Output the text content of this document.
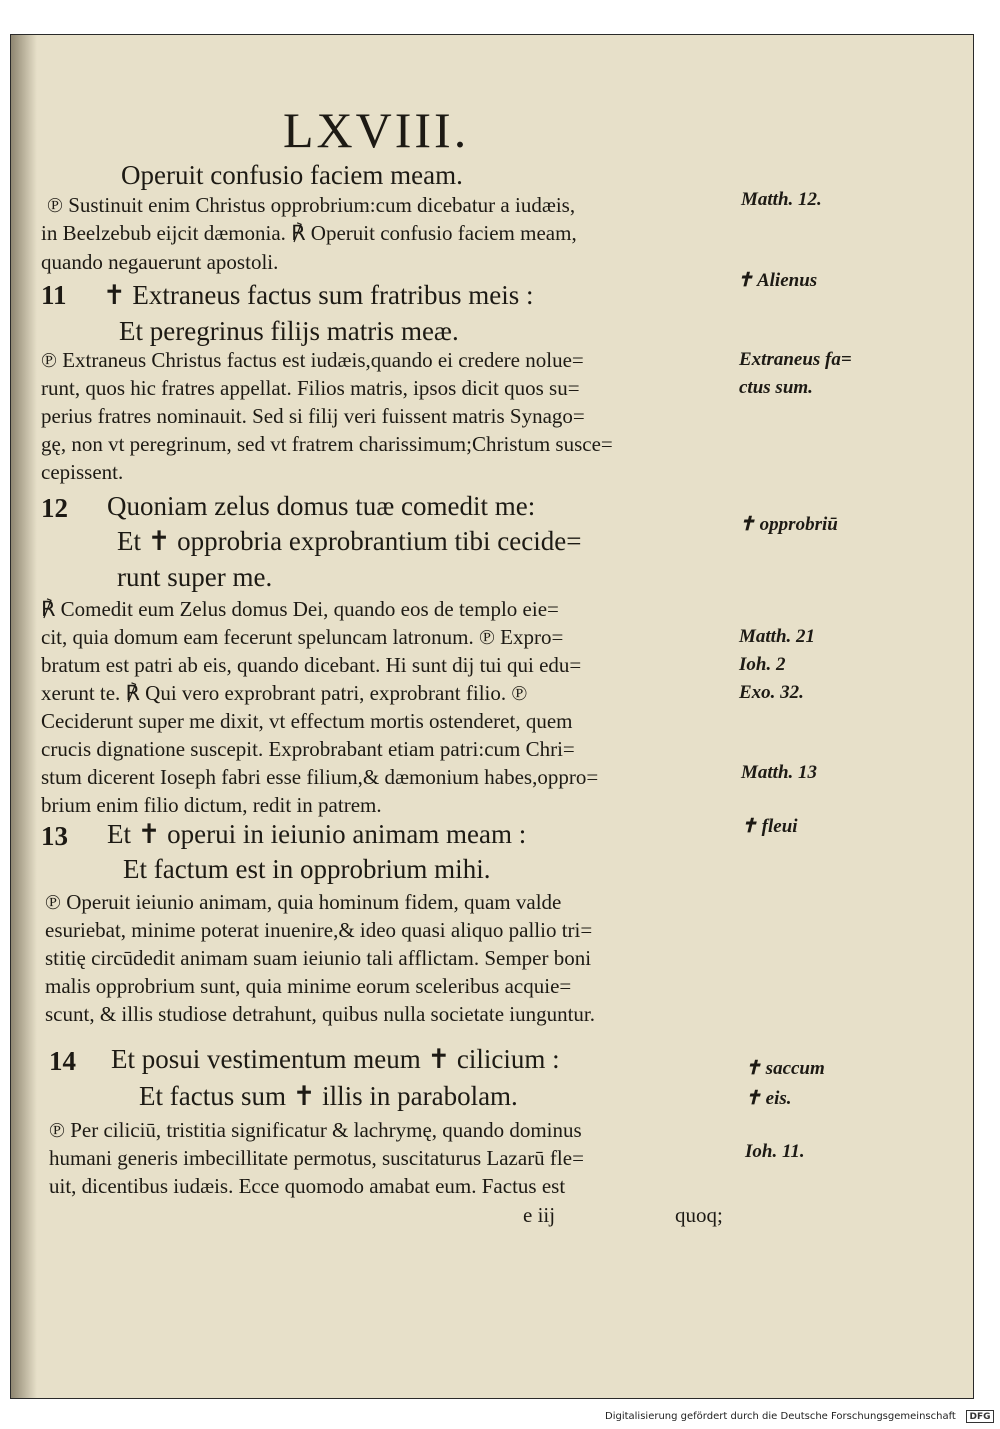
LXVIII.
Operuit confusio faciem meam.
℗ Sustinuit enim Christus opprobrium:cum dicebatur a iudæis,
in Beelzebub eijcit dæmonia. ℟ Operuit confusio faciem meam,
quando negauerunt apostoli.
11 ✝ Extraneus factus sum fratribus meis :
Et peregrinus filijs matris meæ.
℗ Extraneus Christus factus est iudæis,quando ei credere nolue=
runt, quos hic fratres appellat. Filios matris, ipsos dicit quos su=
perius fratres nominauit. Sed si filij veri fuissent matris Synago=
gę, non vt peregrinum, sed vt fratrem charissimum;Christum susce=
cepissent.
12 Quoniam zelus domus tuæ comedit me:
Et ✝ opprobria exprobrantium tibi cecide=
runt super me.
℟ Comedit eum Zelus domus Dei, quando eos de templo eie=
cit, quia domum eam fecerunt speluncam latronum. ℗ Expro=
bratum est patri ab eis, quando dicebant. Hi sunt dij tui qui edu=
xerunt te. ℟ Qui vero exprobrant patri, exprobrant filio. ℗
Ceciderunt super me dixit, vt effectum mortis ostenderet, quem
crucis dignatione suscepit. Exprobrabant etiam patri:cum Chri=
stum dicerent Ioseph fabri esse filium,& dæmonium habes,oppro=
brium enim filio dictum, redit in patrem.
13 Et ✝ operui in ieiunio animam meam :
Et factum est in opprobrium mihi.
℗ Operuit ieiunio animam, quia hominum fidem, quam valde
esuriebat, minime poterat inuenire,& ideo quasi aliquo pallio tri=
stitię circūdedit animam suam ieiunio tali afflictam. Semper boni
malis opprobrium sunt, quia minime eorum sceleribus acquie=
scunt, & illis studiose detrahunt, quibus nulla societate iunguntur.
14 Et posui vestimentum meum ✝ cilicium :
Et factus sum ✝ illis in parabolam.
℗ Per ciliciū, tristitia significatur & lachrymę, quando dominus
humani generis imbecillitate permotus, suscitaturus Lazarū fle=
uit, dicentibus iudæis. Ecce quomodo amabat eum. Factus est
e iij	quoq;
Matth. 12.
✝ Alienus
Extraneus fa=
ctus sum.
✝ opprobriū
Matth. 21
Ioh. 2
Exo. 32.
Matth. 13
✝ fleui
✝ saccum
✝ eis.
Ioh. 11.
Digitalisierung gefördert durch die Deutsche Forschungsgemeinschaft	DFG
